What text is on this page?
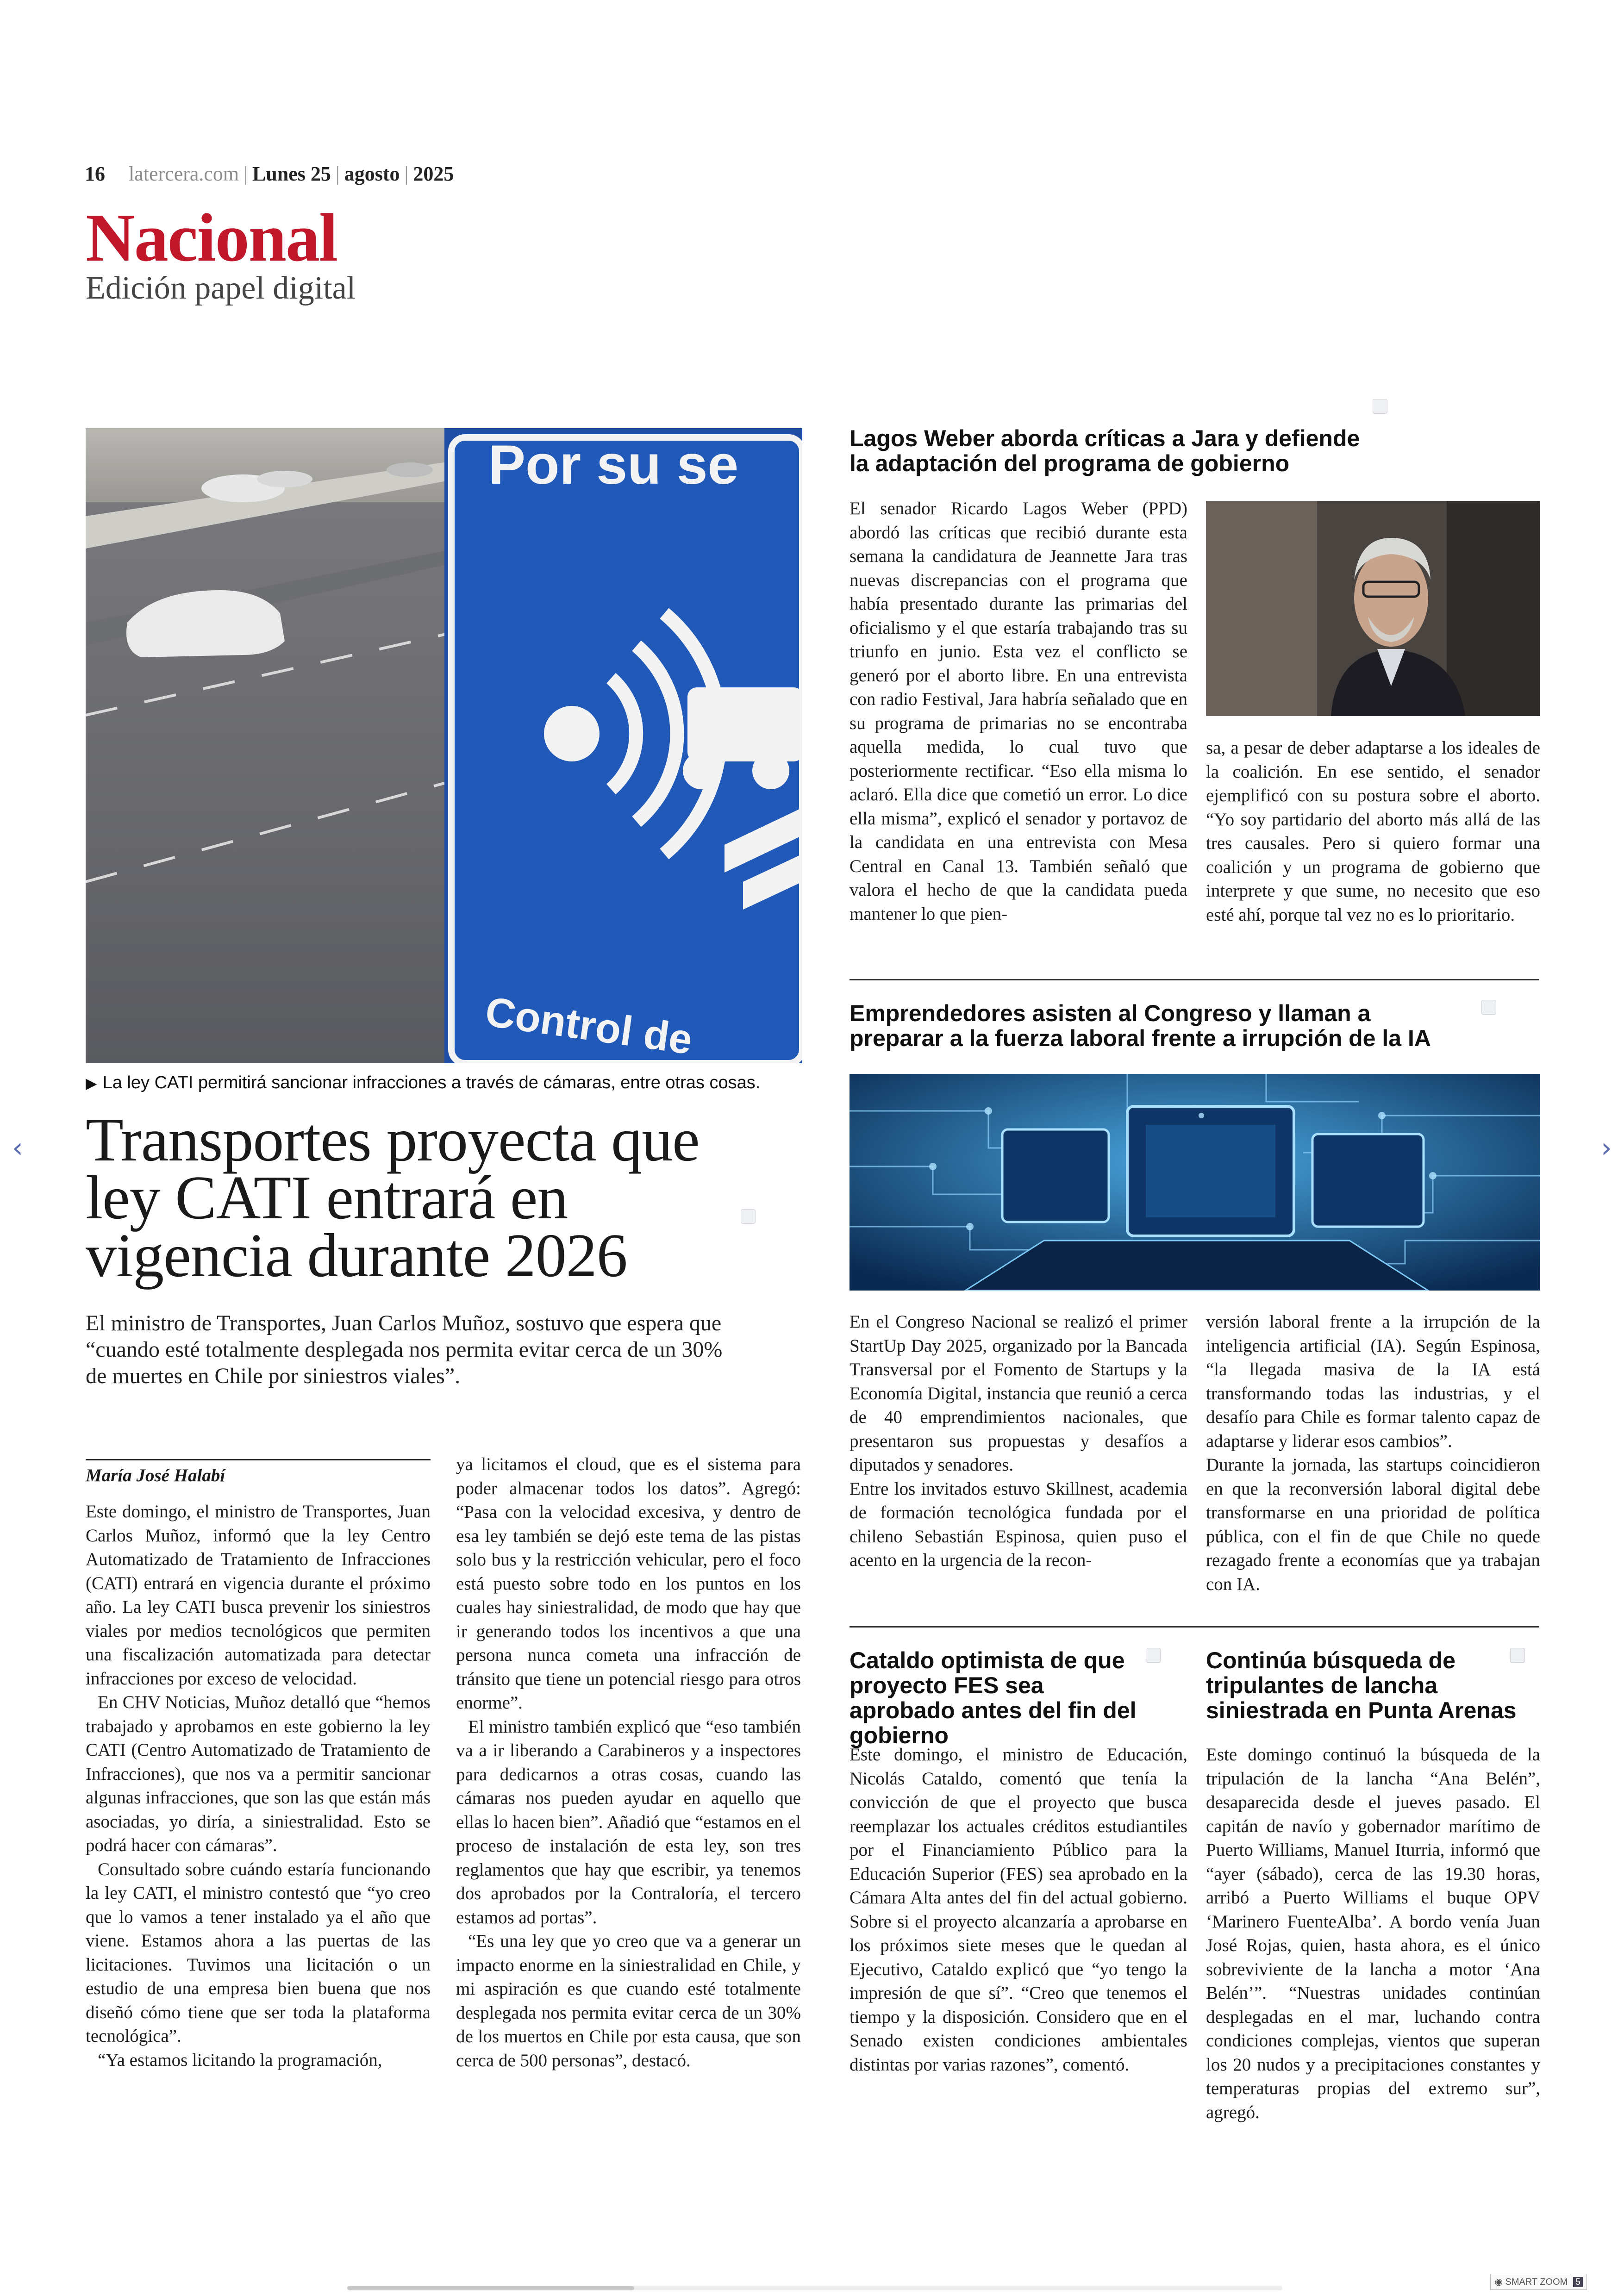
16 latercera.com | Lunes 25 | agosto | 2025
Nacional
Edición papel digital
Por su se
Control de
▶ La ley CATI permitirá sancionar infracciones a través de cámaras, entre otras cosas.
Transportes proyecta que
ley CATI entrará en
vigencia durante 2026
El ministro de Transportes, Juan Carlos Muñoz, sostuvo que espera que “cuando esté totalmente desplegada nos permita evitar cerca de un 30% de muertes en Chile por siniestros viales”.
María José Halabí

Este domingo, el ministro de Transportes, Juan Carlos Muñoz, informó que la ley Centro Automatizado de Tratamiento de Infracciones (CATI) entrará en vigencia durante el próximo año. La ley CATI busca prevenir los siniestros viales por medios tecnológicos que permiten una fiscalización automatizada para detectar infracciones por exceso de velocidad.

En CHV Noticias, Muñoz detalló que “hemos trabajado y aprobamos en este gobierno la ley CATI (Centro Automatizado de Tratamiento de Infracciones), que nos va a permitir sancionar algunas infracciones, que son las que están más asociadas, yo diría, a siniestralidad. Esto se podrá hacer con cámaras”.

Consultado sobre cuándo estaría funcionando la ley CATI, el ministro contestó que “yo creo que lo vamos a tener instalado ya el año que viene. Estamos ahora a las puertas de las licitaciones. Tuvimos una licitación o un estudio de una empresa bien buena que nos diseñó cómo tiene que ser toda la plataforma tecnológica”.

“Ya estamos licitando la programación,

ya licitamos el cloud, que es el sistema para poder almacenar todos los datos”. Agregó: “Pasa con la velocidad excesiva, y dentro de esa ley también se dejó este tema de las pistas solo bus y la restricción vehicular, pero el foco está puesto sobre todo en los puntos en los cuales hay siniestralidad, de modo que hay que ir generando todos los incentivos a que una persona nunca cometa una infracción de tránsito que tiene un potencial riesgo para otros enorme”.

El ministro también explicó que “eso también va a ir liberando a Carabineros y a inspectores para dedicarnos a otras cosas, cuando las cámaras nos pueden ayudar en aquello que ellas lo hacen bien”. Añadió que “estamos en el proceso de instalación de esta ley, son tres reglamentos que hay que escribir, ya tenemos dos aprobados por la Contraloría, el tercero estamos ad portas”.

“Es una ley que yo creo que va a generar un impacto enorme en la siniestralidad en Chile, y mi aspiración es que cuando esté totalmente desplegada nos permita evitar cerca de un 30% de los muertos en Chile por esta causa, que son cerca de 500 personas”, destacó.

Lagos Weber aborda críticas a Jara y defiende la adaptación del programa de gobierno

El senador Ricardo Lagos Weber (PPD) abordó las críticas que recibió durante esta semana la candidatura de Jeannette Jara tras nuevas discrepancias con el programa que había presentado durante las primarias del oficialismo y el que estaría trabajando tras su triunfo en junio. Esta vez el conflicto se generó por el aborto libre. En una entrevista con radio Festival, Jara habría señalado que en su programa de primarias no se encontraba aquella medida, lo cual tuvo que posteriormente rectificar. “Eso ella misma lo aclaró. Ella dice que cometió un error. Lo dice ella misma”, explicó el senador y portavoz de la candidata en una entrevista con Mesa Central en Canal 13. También señaló que valora el hecho de que la candidata pueda mantener lo que pien-

sa, a pesar de deber adaptarse a los ideales de la coalición. En ese sentido, el senador ejemplificó con su postura sobre el aborto. “Yo soy partidario del aborto más allá de las tres causales. Pero si quiero formar una coalición y un programa de gobierno que interprete y que sume, no necesito que eso esté ahí, porque tal vez no es lo prioritario.

Emprendedores asisten al Congreso y llaman a preparar a la fuerza laboral frente a irrupción de la IA

En el Congreso Nacional se realizó el primer StartUp Day 2025, organizado por la Bancada Transversal por el Fomento de Startups y la Economía Digital, instancia que reunió a cerca de 40 emprendimientos nacionales, que presentaron sus propuestas y desafíos a diputados y senadores.

Entre los invitados estuvo Skillnest, academia de formación tecnológica fundada por el chileno Sebastián Espinosa, quien puso el acento en la urgencia de la recon-

versión laboral frente a la irrupción de la inteligencia artificial (IA). Según Espinosa, “la llegada masiva de la IA está transformando todas las industrias, y el desafío para Chile es formar talento capaz de adaptarse y liderar esos cambios”.

Durante la jornada, las startups coincidieron en que la reconversión laboral digital debe transformarse en una prioridad de política pública, con el fin de que Chile no quede rezagado frente a economías que ya trabajan con IA.

Cataldo optimista de que proyecto FES sea aprobado antes del fin del gobierno

Este domingo, el ministro de Educación, Nicolás Cataldo, comentó que tenía la convicción de que el proyecto que busca reemplazar los actuales créditos estudiantiles por el Financiamiento Público para la Educación Superior (FES) sea aprobado en la Cámara Alta antes del fin del actual gobierno. Sobre si el proyecto alcanzaría a aprobarse en los próximos siete meses que le quedan al Ejecutivo, Cataldo explicó que “yo tengo la impresión de que sí”. “Creo que tenemos el tiempo y la disposición. Considero que en el Senado existen condiciones ambientales distintas por varias razones”, comentó.

Continúa búsqueda de tripulantes de lancha siniestrada en Punta Arenas

Este domingo continuó la búsqueda de la tripulación de la lancha “Ana Belén”, desaparecida desde el jueves pasado. El capitán de navío y gobernador marítimo de Puerto Williams, Manuel Iturria, informó que “ayer (sábado), cerca de las 19.30 horas, arribó a Puerto Williams el buque OPV ‘Marinero FuenteAlba’. A bordo venía Juan José Rojas, quien, hasta ahora, es el único sobreviviente de la lancha a motor ‘Ana Belén’”. “Nuestras unidades continúan desplegadas en el mar, luchando contra condiciones complejas, vientos que superan los 20 nudos y a precipitaciones constantes y temperaturas propias del extremo sur”, agregó.

‹	›
◉ SMART ZOOM 5
